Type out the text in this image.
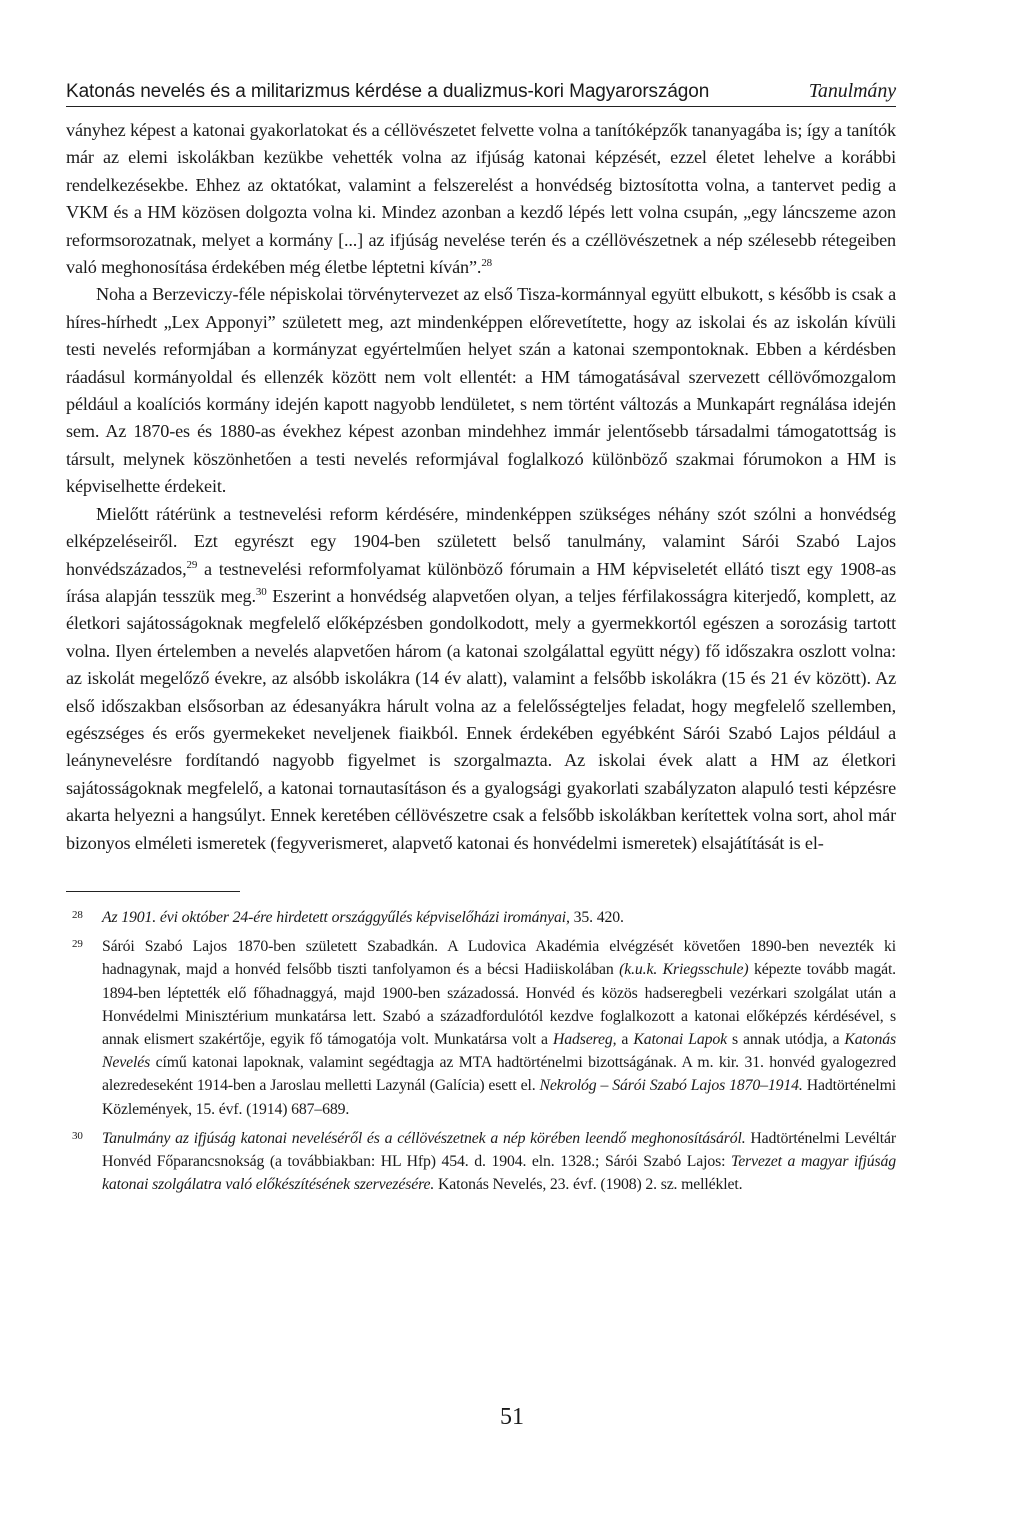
Katonás nevelés és a militarizmus kérdése a dualizmus-kori Magyarországon	Tanulmány

ványhez képest a katonai gyakorlatokat és a céllövészetet felvette volna a tanítóképzők tananyagába is; így a tanítók már az elemi iskolákban kezükbe vehették volna az ifjúság katonai képzését, ezzel életet lehelve a korábbi rendelkezésekbe. Ehhez az oktatókat, valamint a felszerelést a honvédség biztosította volna, a tantervet pedig a VKM és a HM közösen dolgozta volna ki. Mindez azonban a kezdő lépés lett volna csupán, „egy láncszeme azon reformsorozatnak, melyet a kormány [...] az ifjúság nevelése terén és a czéllövészetnek a nép szélesebb rétegeiben való meghonosítása érdekében még életbe léptetni kíván”.$^{28}$

Noha a Berzeviczy-féle népiskolai törvénytervezet az első Tisza-kormánnyal együtt elbukott, s később is csak a híres-hírhedt „Lex Apponyi” született meg, azt mindenképpen előrevetítette, hogy az iskolai és az iskolán kívüli testi nevelés reformjában a kormányzat egyértelműen helyet szán a katonai szempontoknak. Ebben a kérdésben ráadásul kormányoldal és ellenzék között nem volt ellentét: a HM támogatásával szervezett céllövőmozgalom például a koalíciós kormány idején kapott nagyobb lendületet, s nem történt változás a Munkapárt regnálása idején sem. Az 1870-es és 1880-as évekhez képest azonban mindehhez immár jelentősebb társadalmi támogatottság is társult, melynek köszönhetően a testi nevelés reformjával foglalkozó különböző szakmai fórumokon a HM is képviselhette érdekeit.

Mielőtt rátérünk a testnevelési reform kérdésére, mindenképpen szükséges néhány szót szólni a honvédség elképzeléseiről. Ezt egyrészt egy 1904-ben született belső tanulmány, valamint Sárói Szabó Lajos honvédszázados,$^{29}$ a testnevelési reformfolyamat különböző fórumain a HM képviseletét ellátó tiszt egy 1908-as írása alapján tesszük meg.$^{30}$ Eszerint a honvédség alapvetően olyan, a teljes férfilakosságra kiterjedő, komplett, az életkori sajátosságoknak megfelelő előképzésben gondolkodott, mely a gyermekkortól egészen a sorozásig tartott volna. Ilyen értelemben a nevelés alapvetően három (a katonai szolgálattal együtt négy) fő időszakra oszlott volna: az iskolát megelőző évekre, az alsóbb iskolákra (14 év alatt), valamint a felsőbb iskolákra (15 és 21 év között). Az első időszakban elsősorban az édesanyákra hárult volna az a felelősségteljes feladat, hogy megfelelő szellemben, egészséges és erős gyermekeket neveljenek fiaikból. Ennek érdekében egyébként Sárói Szabó Lajos például a leánynevelésre fordítandó nagyobb figyelmet is szorgalmazta. Az iskolai évek alatt a HM az életkori sajátosságoknak megfelelő, a katonai tornautasításon és a gyalogsági gyakorlati szabályzaton alapuló testi képzésre akarta helyezni a hangsúlyt. Ennek keretében céllövészetre csak a felsőbb iskolákban kerítettek volna sort, ahol már bizonyos elméleti ismeretek (fegyverismeret, alapvető katonai és honvédelmi ismeretek) elsajátítását is el-

28	Az 1901. évi október 24-ére hirdetett országgyűlés képviselőházi irományai, 35. 420.
29	Sárói Szabó Lajos 1870-ben született Szabadkán. A Ludovica Akadémia elvégzését követően 1890-ben nevezték ki hadnagynak, majd a honvéd felsőbb tiszti tanfolyamon és a bécsi Hadiiskolában (k.u.k. Kriegsschule) képezte tovább magát. 1894-ben léptették elő főhadnaggyá, majd 1900-ben századossá. Honvéd és közös hadseregbeli vezérkari szolgálat után a Honvédelmi Minisztérium munkatársa lett. Szabó a századfordulótól kezdve foglalkozott a katonai előképzés kérdésével, s annak elismert szakértője, egyik fő támogatója volt. Munkatársa volt a Hadsereg, a Katonai Lapok s annak utódja, a Katonás Nevelés című katonai lapoknak, valamint segédtagja az MTA hadtörténelmi bizottságának. A m. kir. 31. honvéd gyalogezred alezredeseként 1914-ben a Jaroslau melletti Lazynál (Galícia) esett el. Nekrológ – Sárói Szabó Lajos 1870–1914. Hadtörténelmi Közlemények, 15. évf. (1914) 687–689.
30	Tanulmány az ifjúság katonai neveléséről és a céllövészetnek a nép körében leendő meghonosításáról. Hadtörténelmi Levéltár Honvéd Főparancsnokság (a továbbiakban: HL Hfp) 454. d. 1904. eln. 1328.; Sárói Szabó Lajos: Tervezet a magyar ifjúság katonai szolgálatra való előkészítésének szervezésére. Katonás Nevelés, 23. évf. (1908) 2. sz. melléklet.
51
